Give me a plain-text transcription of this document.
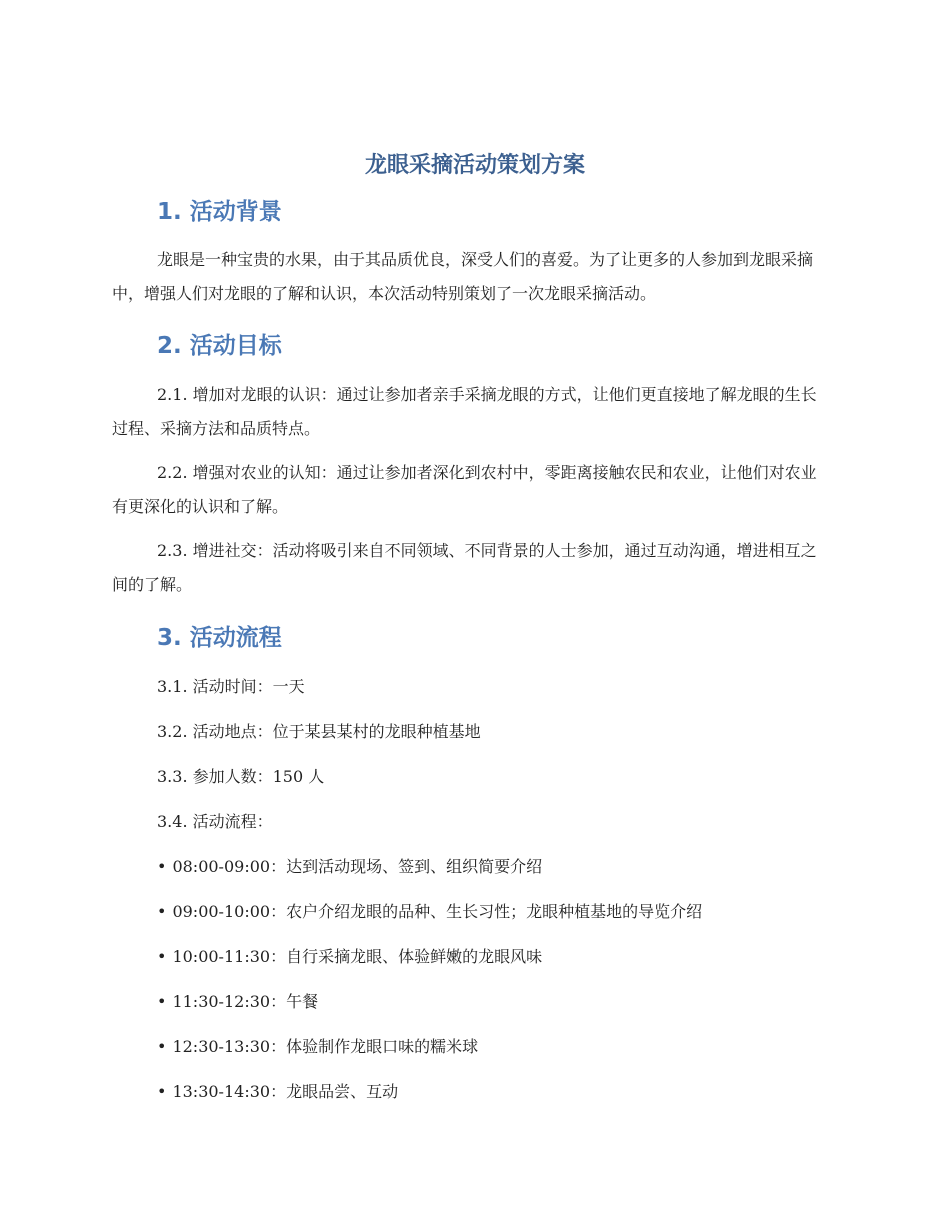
龙眼采摘活动策划方案
1. 活动背景

龙眼是一种宝贵的水果，由于其品质优良，深受人们的喜爱。为了让更多的人参加到龙眼采摘中，增强人们对龙眼的了解和认识，本次活动特别策划了一次龙眼采摘活动。

2. 活动目标

2.1. 增加对龙眼的认识：通过让参加者亲手采摘龙眼的方式，让他们更直接地了解龙眼的生长过程、采摘方法和品质特点。

2.2. 增强对农业的认知：通过让参加者深化到农村中，零距离接触农民和农业，让他们对农业有更深化的认识和了解。

2.3. 增进社交：活动将吸引来自不同领域、不同背景的人士参加，通过互动沟通，增进相互之间的了解。

3. 活动流程

3.1. 活动时间：一天

3.2. 活动地点：位于某县某村的龙眼种植基地

3.3. 参加人数：150 人

3.4. 活动流程：

• 08:00-09:00：达到活动现场、签到、组织简要介绍

• 09:00-10:00：农户介绍龙眼的品种、生长习性；龙眼种植基地的导览介绍

• 10:00-11:30：自行采摘龙眼、体验鲜嫩的龙眼风味

• 11:30-12:30：午餐

• 12:30-13:30：体验制作龙眼口味的糯米球

• 13:30-14:30：龙眼品尝、互动
